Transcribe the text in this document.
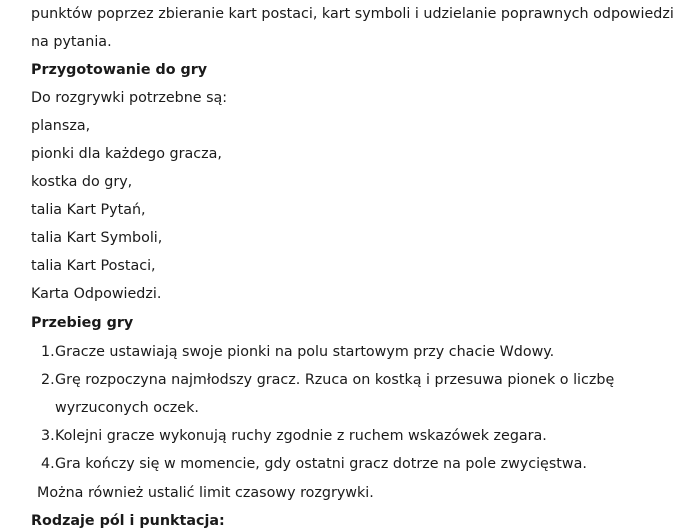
punktów poprzez zbieranie kart postaci, kart symboli i udzielanie poprawnych odpowiedzi
na pytania.
Przygotowanie do gry
Do rozgrywki potrzebne są:
plansza,
pionki dla każdego gracza,
kostka do gry,
talia Kart Pytań,
talia Kart Symboli,
talia Kart Postaci,
Karta Odpowiedzi.
Przebieg gry
1. Gracze ustawiają swoje pionki na polu startowym przy chacie Wdowy.
2. Grę rozpoczyna najmłodszy gracz. Rzuca on kostką i przesuwa pionek o liczbę
wyrzuconych oczek.
3. Kolejni gracze wykonują ruchy zgodnie z ruchem wskazówek zegara.
4. Gra kończy się w momencie, gdy ostatni gracz dotrze na pole zwycięstwa.
Można również ustalić limit czasowy rozgrywki.
Rodzaje pól i punktacja:
